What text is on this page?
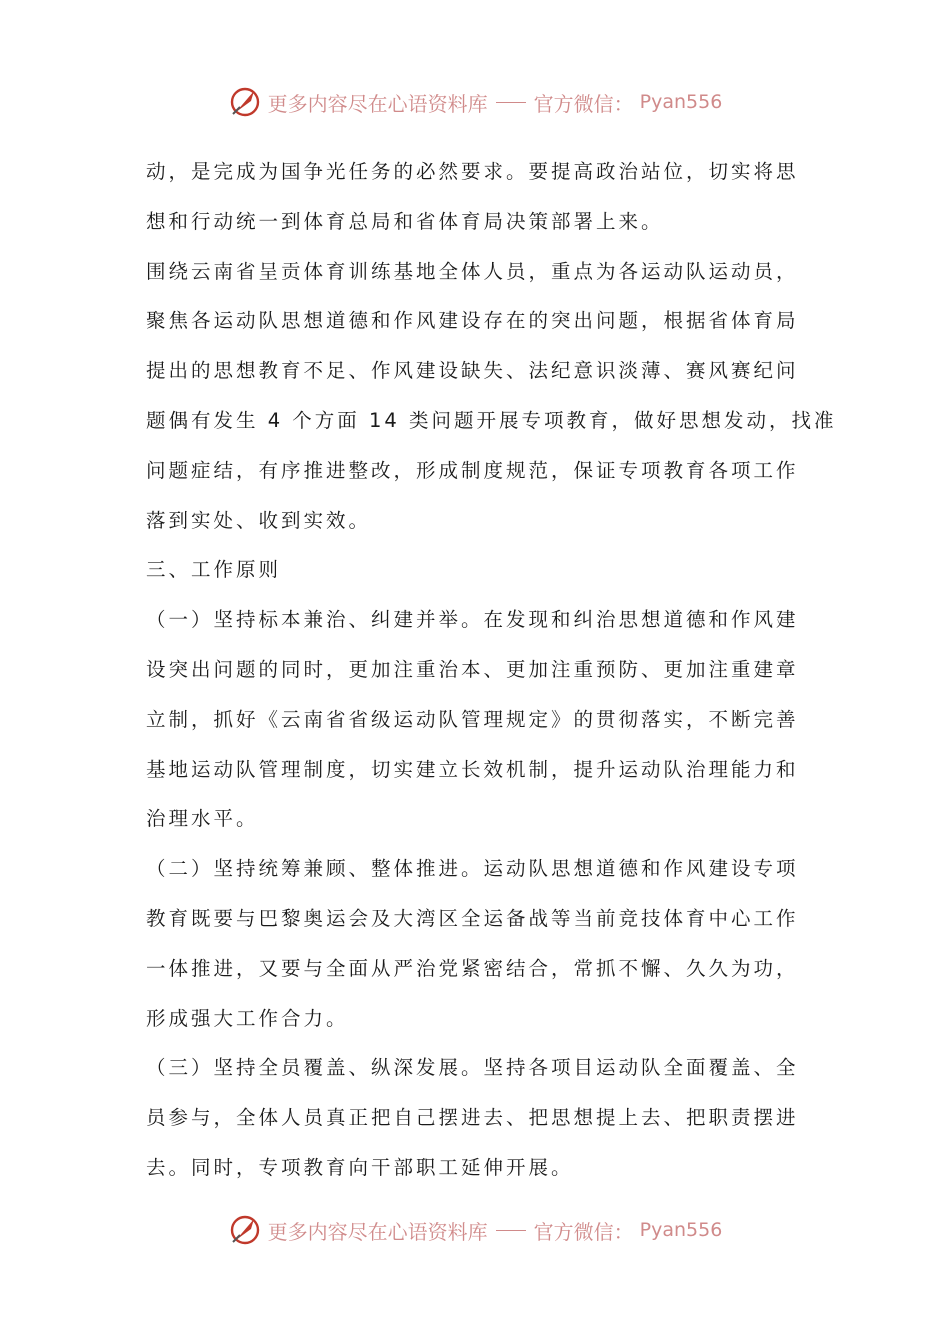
更多内容尽在心语资料库 官方微信： Pyan556
动，是完成为国争光任务的必然要求。要提高政治站位，切实将思
想和行动统一到体育总局和省体育局决策部署上来。
围绕云南省呈贡体育训练基地全体人员，重点为各运动队运动员，
聚焦各运动队思想道德和作风建设存在的突出问题，根据省体育局
提出的思想教育不足、作风建设缺失、法纪意识淡薄、赛风赛纪问
题偶有发生 4 个方面 14 类问题开展专项教育，做好思想发动，找准
问题症结，有序推进整改，形成制度规范，保证专项教育各项工作
落到实处、收到实效。
三、工作原则
（一）坚持标本兼治、纠建并举。在发现和纠治思想道德和作风建
设突出问题的同时，更加注重治本、更加注重预防、更加注重建章
立制，抓好《云南省省级运动队管理规定》的贯彻落实，不断完善
基地运动队管理制度，切实建立长效机制，提升运动队治理能力和
治理水平。
（二）坚持统筹兼顾、整体推进。运动队思想道德和作风建设专项
教育既要与巴黎奥运会及大湾区全运备战等当前竞技体育中心工作
一体推进，又要与全面从严治党紧密结合，常抓不懈、久久为功，
形成强大工作合力。
（三）坚持全员覆盖、纵深发展。坚持各项目运动队全面覆盖、全
员参与，全体人员真正把自己摆进去、把思想提上去、把职责摆进
去。同时，专项教育向干部职工延伸开展。
更多内容尽在心语资料库 官方微信： Pyan556
